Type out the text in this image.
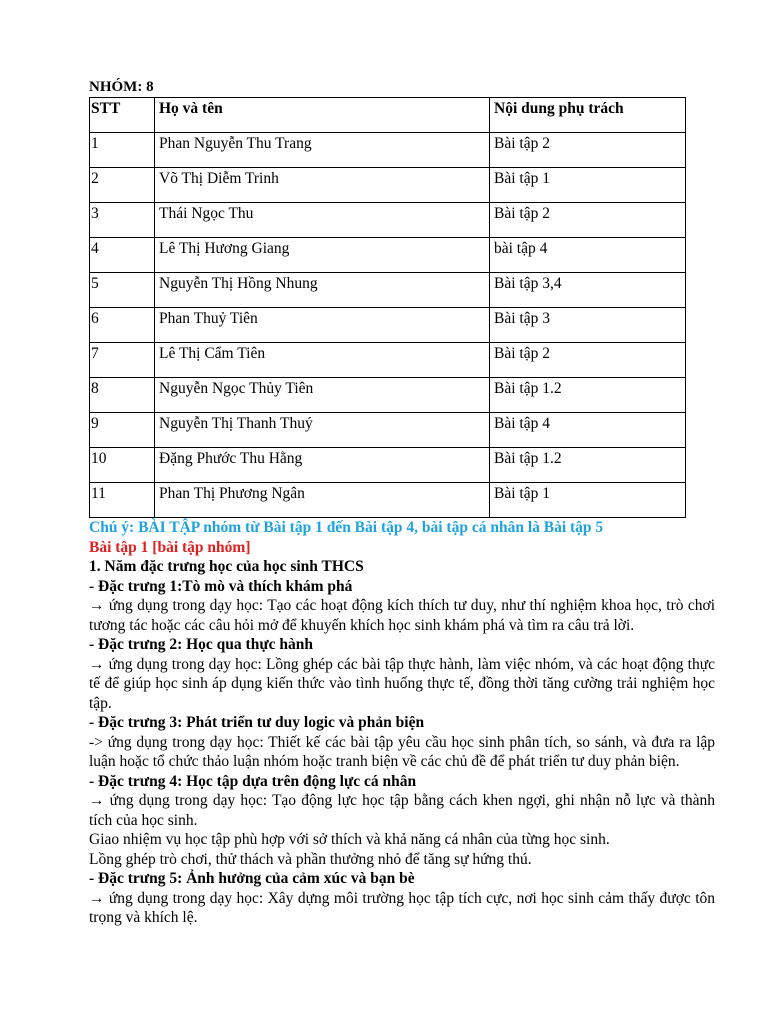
NHÓM: 8
STT	Họ và tên	Nội dung phụ trách
1	Phan Nguyễn Thu Trang	Bài tập 2
2	Võ Thị Diễm Trinh	Bài tập 1
3	Thái Ngọc Thu	Bài tập 2
4	Lê Thị Hương Giang	bài tập 4
5	Nguyễn Thị Hồng Nhung	Bài tập 3,4
6	Phan Thuỷ Tiên	Bài tập 3
7	Lê Thị Cẩm Tiên	Bài tập 2
8	Nguyễn Ngọc Thủy Tiên	Bài tập 1.2
9	Nguyễn Thị Thanh Thuý	Bài tập 4
10	Đặng Phước Thu Hằng	Bài tập 1.2
11	Phan Thị Phương Ngân	Bài tập 1

Chú ý: BÀI TẬP nhóm từ Bài tập 1 đến Bài tập 4, bài tập cá nhân là Bài tập 5

Bài tập 1 [bài tập nhóm]

1. Năm đặc trưng học của học sinh THCS

- Đặc trưng 1:Tò mò và thích khám phá

→ ứng dụng trong dạy học: Tạo các hoạt động kích thích tư duy, như thí nghiệm khoa học, trò chơi tương tác hoặc các câu hỏi mở để khuyến khích học sinh khám phá và tìm ra câu trả lời.

- Đặc trưng 2: Học qua thực hành

→ ứng dụng trong dạy học: Lồng ghép các bài tập thực hành, làm việc nhóm, và các hoạt động thực tế để giúp học sinh áp dụng kiến thức vào tình huống thực tế, đồng thời tăng cường trải nghiệm học tập.

- Đặc trưng 3: Phát triển tư duy logic và phản biện

-> ứng dụng trong dạy học: Thiết kế các bài tập yêu cầu học sinh phân tích, so sánh, và đưa ra lập luận hoặc tổ chức thảo luận nhóm hoặc tranh biện về các chủ đề để phát triển tư duy phản biện.

- Đặc trưng 4: Học tập dựa trên động lực cá nhân

→ ứng dụng trong dạy học: Tạo động lực học tập bằng cách khen ngợi, ghi nhận nỗ lực và thành tích của học sinh.

Giao nhiệm vụ học tập phù hợp với sở thích và khả năng cá nhân của từng học sinh.

Lồng ghép trò chơi, thử thách và phần thưởng nhỏ để tăng sự hứng thú.

- Đặc trưng 5: Ảnh hưởng của cảm xúc và bạn bè

→ ứng dụng trong dạy học: Xây dựng môi trường học tập tích cực, nơi học sinh cảm thấy được tôn trọng và khích lệ.
